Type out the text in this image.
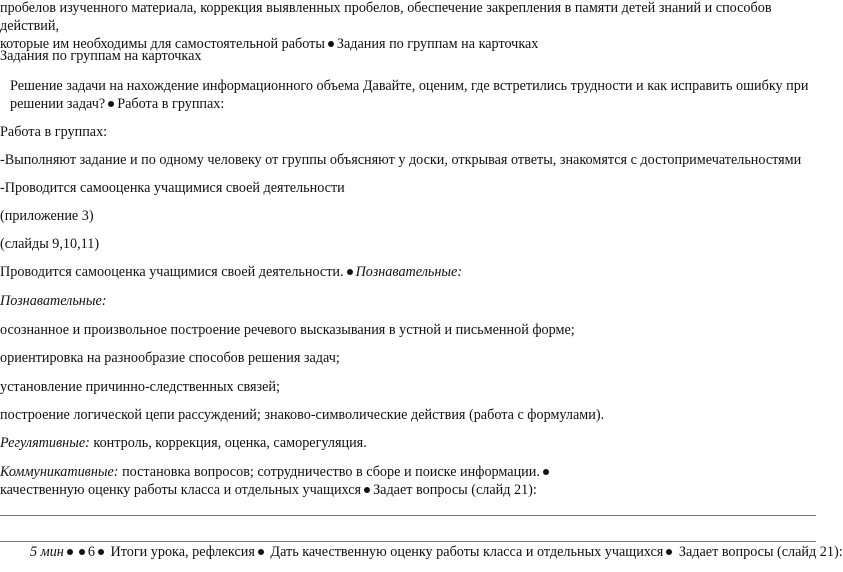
пробелов изученного материала, коррекция выявленных пробелов, обеспечение закрепления в памяти детей знаний и способов действий,
которые им необходимы для самостоятельной работы Задания по группам на карточках

Задания по группам на карточках

Решение задачи на нахождение информационного объема Давайте, оценим, где встретились трудности и как исправить ошибку при
решении задач? Работа в группах:

Работа в группах:

-Выполняют задание и по одному человеку от группы объясняют у доски, открывая ответы, знакомятся с достопримечательностями

-Проводится самооценка учащимися своей деятельности

(приложение 3)

(слайды 9,10,11)

Проводится самооценка учащимися своей деятельности. Познавательные:

Познавательные:

осознанное и произвольное построение речевого высказывания в устной и письменной форме;

ориентировка на разнообразие способов решения задач;

установление причинно-следственных связей;

построение логической цепи рассуждений; знаково-символические действия (работа с формулами).

Регулятивные: контроль, коррекция, оценка, саморегуляция.

Коммуникативные: постановка вопросов; сотрудничество в сборе и поиске информации.

качественную оценку работы класса и отдельных учащихся Задает вопросы (слайд 21):

5 мин 6 Итоги урока, рефлексия Дать качественную оценку работы класса и отдельных учащихся Задает вопросы (слайд 21):
